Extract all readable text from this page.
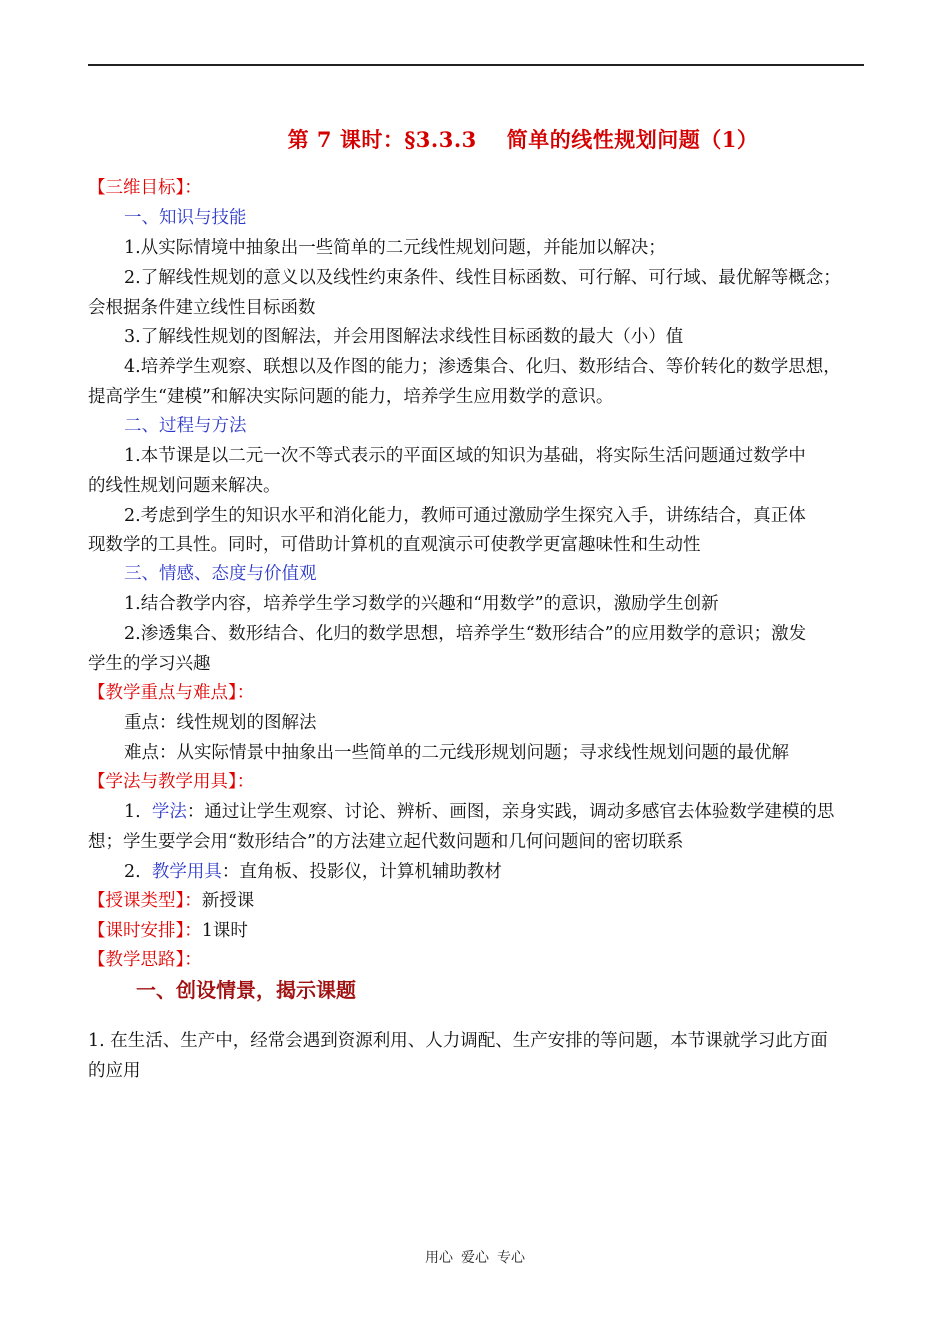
第 7 课时：§3.3.3 简单的线性规划问题（1）
【三维目标】：
一、知识与技能
1.从实际情境中抽象出一些简单的二元线性规划问题，并能加以解决；
2.了解线性规划的意义以及线性约束条件、线性目标函数、可行解、可行域、最优解等概念；
会根据条件建立线性目标函数
3.了解线性规划的图解法，并会用图解法求线性目标函数的最大（小）值
4.培养学生观察、联想以及作图的能力；渗透集合、化归、数形结合、等价转化的数学思想，
提高学生“建模”和解决实际问题的能力，培养学生应用数学的意识。
二、过程与方法
1.本节课是以二元一次不等式表示的平面区域的知识为基础，将实际生活问题通过数学中
的线性规划问题来解决。
2.考虑到学生的知识水平和消化能力，教师可通过激励学生探究入手，讲练结合，真正体
现数学的工具性。同时，可借助计算机的直观演示可使教学更富趣味性和生动性
三、情感、态度与价值观
1.结合教学内容，培养学生学习数学的兴趣和“用数学”的意识，激励学生创新
2.渗透集合、数形结合、化归的数学思想，培养学生“数形结合”的应用数学的意识；激发
学生的学习兴趣
【教学重点与难点】：
重点：线性规划的图解法
难点：从实际情景中抽象出一些简单的二元线形规划问题；寻求线性规划问题的最优解
【学法与教学用具】：
1.  学法：通过让学生观察、讨论、辨析、画图，亲身实践，调动多感官去体验数学建模的思
想；学生要学会用“数形结合”的方法建立起代数问题和几何问题间的密切联系
2.  教学用具：直角板、投影仪，计算机辅助教材
【授课类型】：新授课
【课时安排】：1课时
【教学思路】：
一、创设情景，揭示课题
1. 在生活、生产中，经常会遇到资源利用、人力调配、生产安排的等问题，本节课就学习此方面
的应用
用心 爱心 专心
